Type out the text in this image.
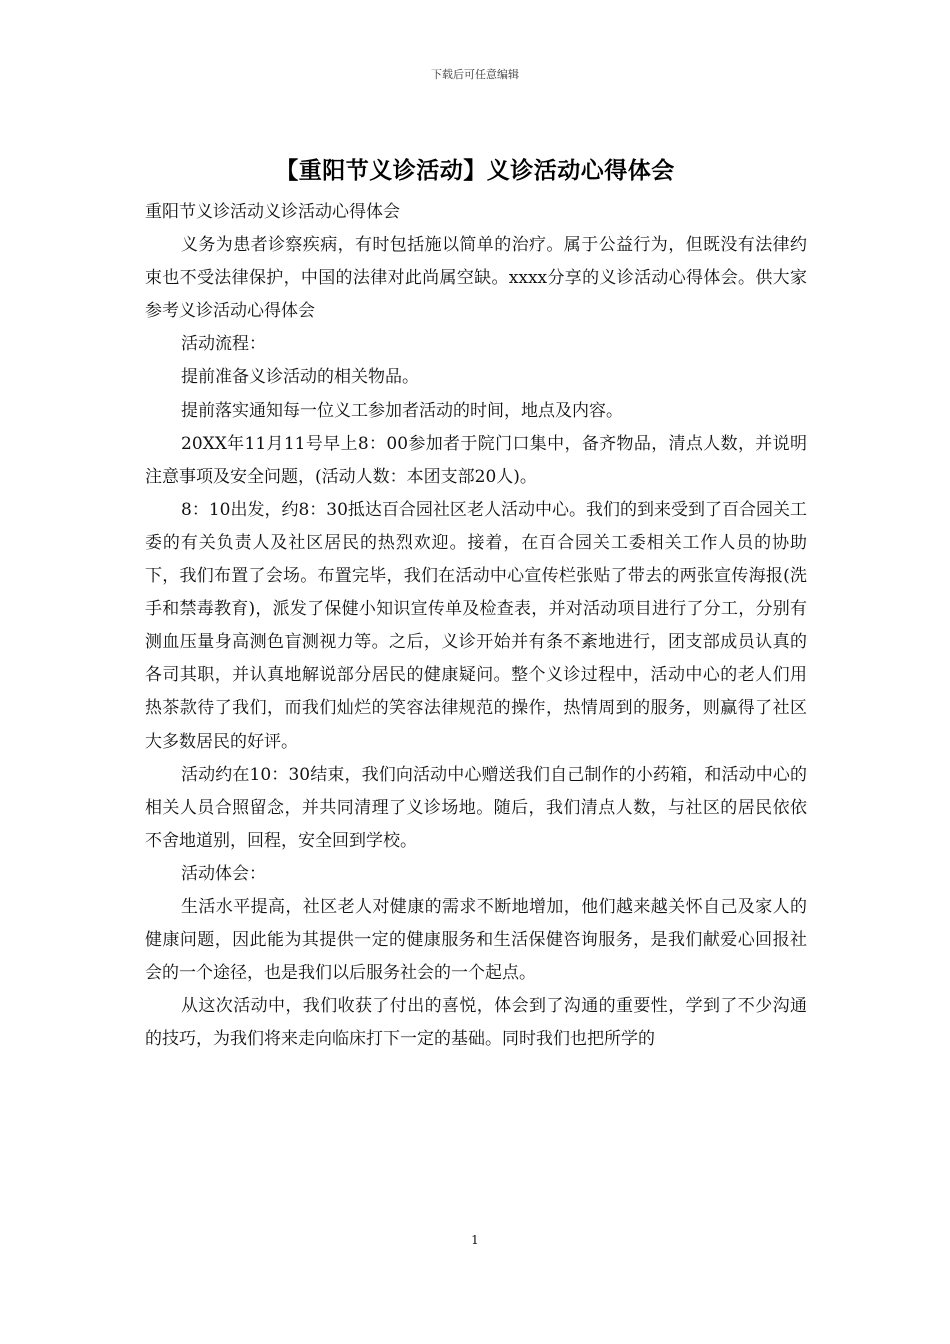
下载后可任意编辑
【重阳节义诊活动】义诊活动心得体会

重阳节义诊活动义诊活动心得体会

义务为患者诊察疾病，有时包括施以简单的治疗。属于公益行为，但既没有法律约束也不受法律保护，中国的法律对此尚属空缺。xxxx分享的义诊活动心得体会。供大家参考义诊活动心得体会

活动流程：

提前准备义诊活动的相关物品。

提前落实通知每一位义工参加者活动的时间，地点及内容。

20XX年11月11号早上8：00参加者于院门口集中，备齐物品，清点人数，并说明注意事项及安全问题，(活动人数：本团支部20人)。

8：10出发，约8：30抵达百合园社区老人活动中心。我们的到来受到了百合园关工委的有关负责人及社区居民的热烈欢迎。接着，在百合园关工委相关工作人员的协助下，我们布置了会场。布置完毕，我们在活动中心宣传栏张贴了带去的两张宣传海报(洗手和禁毒教育)，派发了保健小知识宣传单及检查表，并对活动项目进行了分工，分别有测血压量身高测色盲测视力等。之后，义诊开始并有条不紊地进行，团支部成员认真的各司其职，并认真地解说部分居民的健康疑问。整个义诊过程中，活动中心的老人们用热茶款待了我们，而我们灿烂的笑容法律规范的操作，热情周到的服务，则赢得了社区大多数居民的好评。

活动约在10：30结束，我们向活动中心赠送我们自己制作的小药箱，和活动中心的相关人员合照留念，并共同清理了义诊场地。随后，我们清点人数，与社区的居民依依不舍地道别，回程，安全回到学校。

活动体会：

生活水平提高，社区老人对健康的需求不断地增加，他们越来越关怀自己及家人的健康问题，因此能为其提供一定的健康服务和生活保健咨询服务，是我们献爱心回报社会的一个途径，也是我们以后服务社会的一个起点。

从这次活动中，我们收获了付出的喜悦，体会到了沟通的重要性，学到了不少沟通的技巧，为我们将来走向临床打下一定的基础。同时我们也把所学的

1
